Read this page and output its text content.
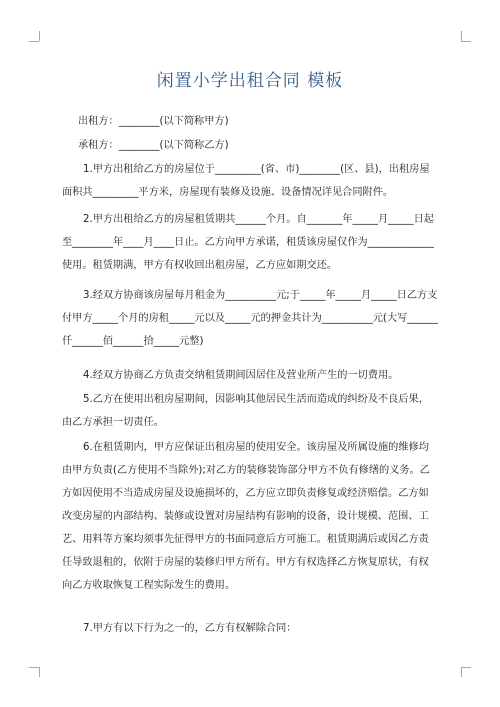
闲置小学出租合同 模板

出租方：________(以下简称甲方)

承租方：________(以下简称乙方)

1.甲方出租给乙方的房屋位于_________(省、市)________(区、县)，出租房屋面积共_________平方米，房屋现有装修及设施、设备情况详见合同附件。

2.甲方出租给乙方的房屋租赁期共______个月。自_______年_____月_____日起至________年____月____日止。乙方向甲方承诺，租赁该房屋仅作为_____________使用。租赁期满，甲方有权收回出租房屋，乙方应如期交还。

3.经双方协商该房屋每月租金为__________元;于_____年_____月_____日乙方支付甲方_____个月的房租_____元以及_____元的押金共计为__________元(大写______仟______佰______拾_____元整)

4.经双方协商乙方负责交纳租赁期间因居住及营业所产生的一切费用。

5.乙方在使用出租房屋期间，因影响其他居民生活而造成的纠纷及不良后果，由乙方承担一切责任。

6.在租赁期内，甲方应保证出租房屋的使用安全。该房屋及所属设施的维修均由甲方负责(乙方使用不当除外);对乙方的装修装饰部分甲方不负有修缮的义务。乙方如因使用不当造成房屋及设施损坏的，乙方应立即负责修复或经济赔偿。乙方如改变房屋的内部结构、装修或设置对房屋结构有影响的设备，设计规模、范围、工艺、用料等方案均须事先征得甲方的书面同意后方可施工。租赁期满后或因乙方责任导致退租的，依附于房屋的装修归甲方所有。甲方有权选择乙方恢复原状，有权向乙方收取恢复工程实际发生的费用。

7.甲方有以下行为之一的，乙方有权解除合同：
